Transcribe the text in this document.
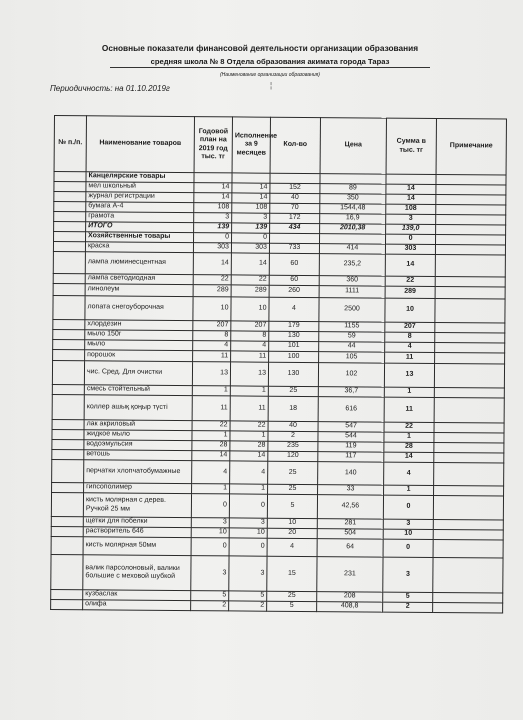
Основные показатели финансовой деятельности организации образования
средняя школа № 8 Отдела образования акимата города Тараз
(Наименование организации образования)
Периодичность: на 01.10.2019г	¦
№ п./п.	Наименование товаров	Годовой план на 2019 год тыс. тг	Исполнение за 9 месяцев	Кол-во	Цена	Сумма в тыс. тг	Примечание
	Канцелярские товары						
	мел школьный	14	14	152	89	14	
	журнал регистрации	14	14	40	350	14	
	бумага А-4	108	108	70	1544,48	108	
	грамота	3	3	172	16,9	3	
	ИТОГО	139	139	434	2010,38	139,0	
	Хозяйственные товары	0	0			0	
	краска	303	303	733	414	303	
	лампа люминесцентная	14	14	60	235,2	14	
	лампа светодиодная	22	22	60	360	22	
	линолеум	289	289	260	1111	289	
	лопата снегоуборочная	10	10	4	2500	10	
	хлордезин	207	207	179	1155	207	
	мыло 150г	8	8	130	59	8	
	мыло	4	4	101	44	4	
	порошок	11	11	100	105	11	
	чис. Сред. Для очистки	13	13	130	102	13	
	смесь стойтельный	1	1	25	36,7	1	
	коллер ашық қоңыр түсті	11	11	18	616	11	
	лак акриловый	22	22	40	547	22	
	жидкое мыло	1	1	2	544	1	
	водоэмульсия	28	28	235	119	28	
	ветошь	14	14	120	117	14	
	перчатки хлопчатобумажные	4	4	25	140	4	
	гипсополимер	1	1	25	33	1	
	кисть молярная с дерев. Ручкой 25 мм	0	0	5	42,56	0	
	щетки для побелки	3	3	10	281	3	
	растворитель 646	10	10	20	504	10	
	кисть молярная 50мм	0	0	4	64	0	
	валик парсолоновый, валики большие с меховой шубкой	3	3	15	231	3	
	кузбаслак	5	5	25	208	5	
	олифа	2	2	5	408,8	2	
